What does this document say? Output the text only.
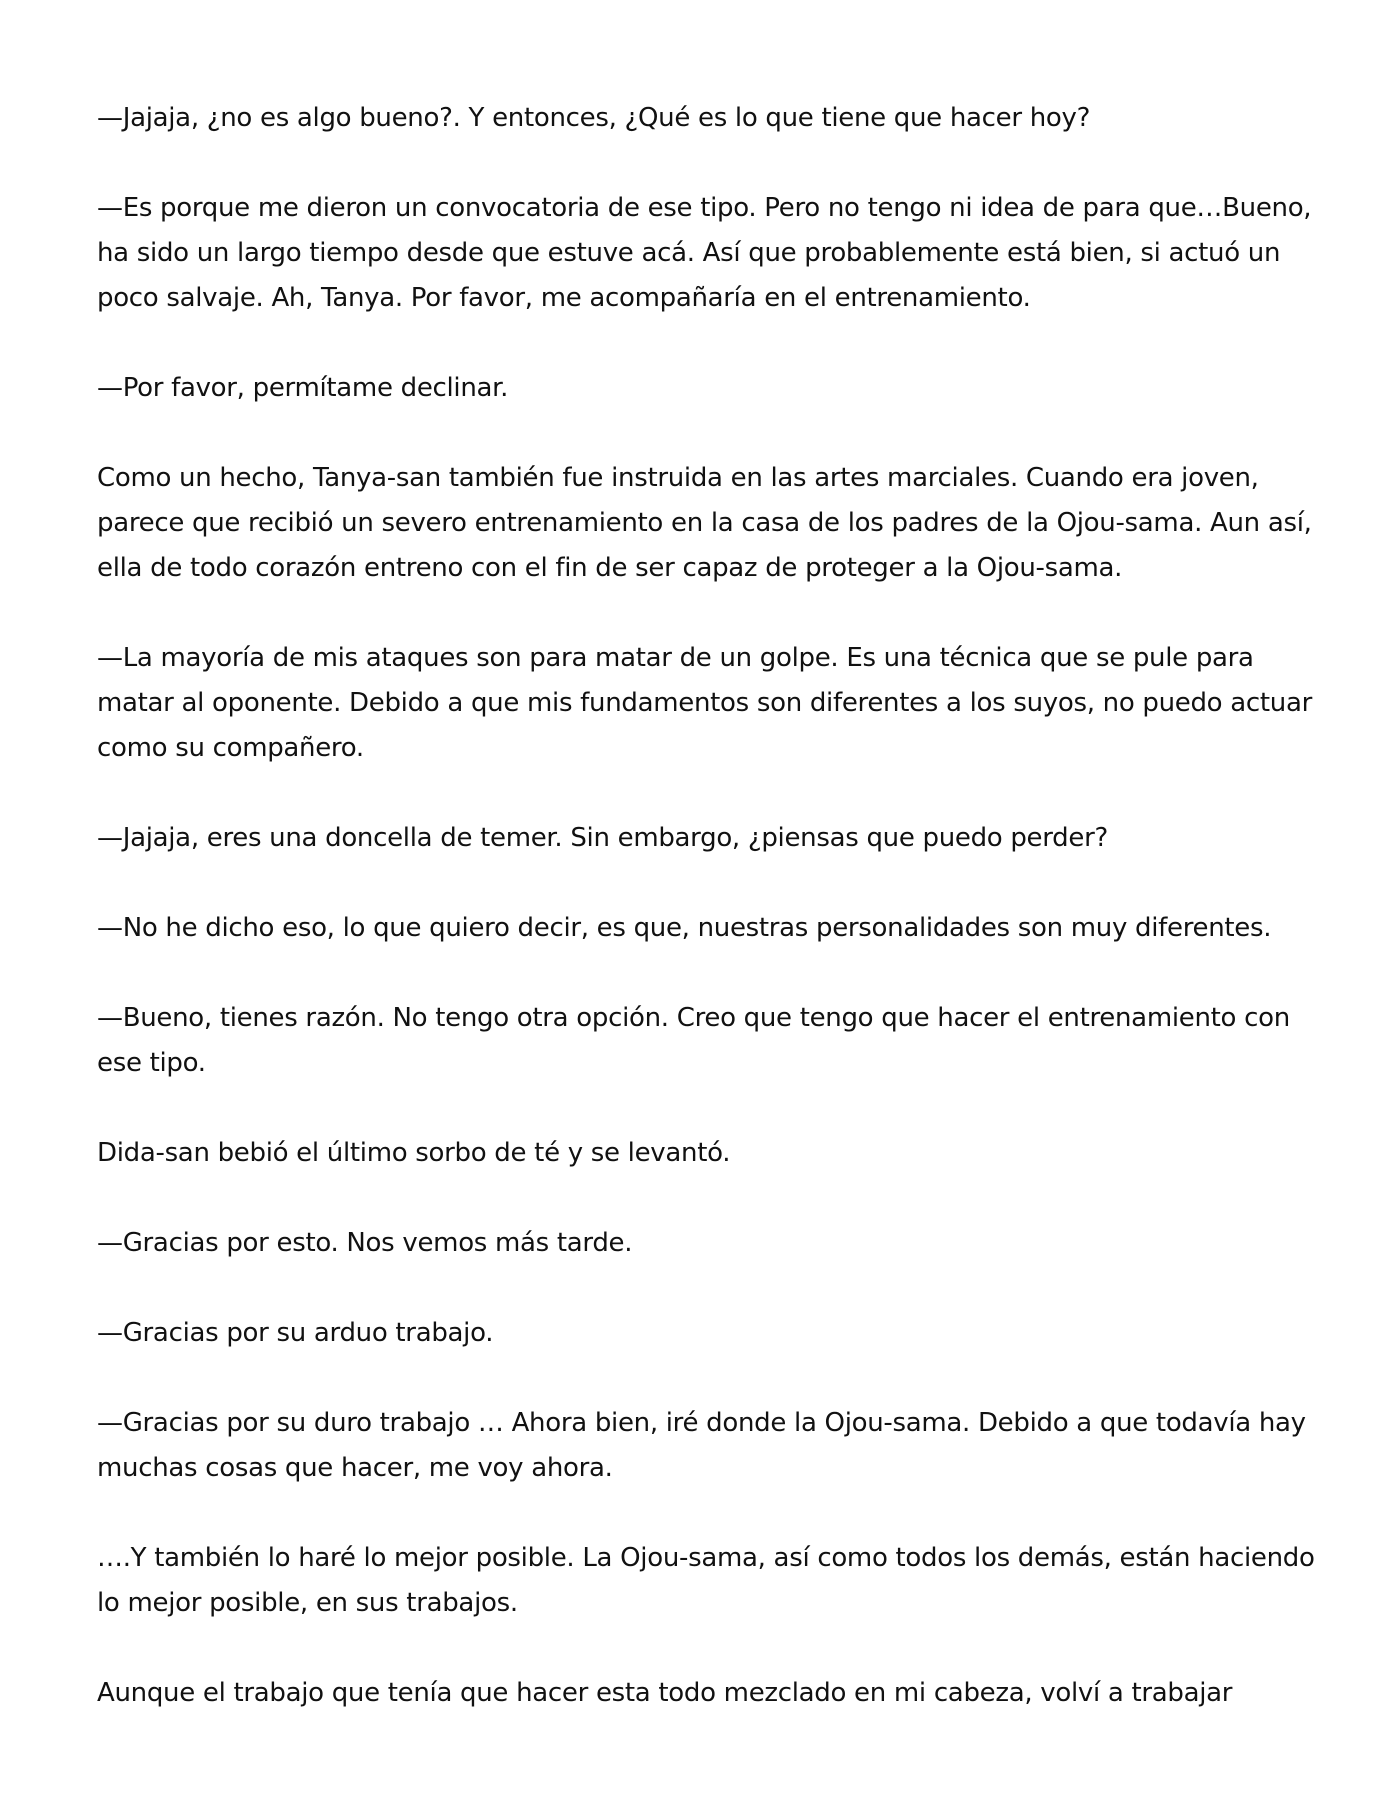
—Jajaja, ¿no es algo bueno?. Y entonces, ¿Qué es lo que tiene que hacer hoy?

—Es porque me dieron un convocatoria de ese tipo. Pero no tengo ni idea de para que…Bueno, ha sido un largo tiempo desde que estuve acá. Así que probablemente está bien, si actuó un poco salvaje. Ah, Tanya. Por favor, me acompañaría en el entrenamiento.

—Por favor, permítame declinar.

Como un hecho, Tanya-san también fue instruida en las artes marciales. Cuando era joven, parece que recibió un severo entrenamiento en la casa de los padres de la Ojou-sama. Aun así, ella de todo corazón entreno con el fin de ser capaz de proteger a la Ojou-sama.

—La mayoría de mis ataques son para matar de un golpe. Es una técnica que se pule para matar al oponente. Debido a que mis fundamentos son diferentes a los suyos, no puedo actuar como su compañero.

—Jajaja, eres una doncella de temer. Sin embargo, ¿piensas que puedo perder?

—No he dicho eso, lo que quiero decir, es que, nuestras personalidades son muy diferentes.

—Bueno, tienes razón. No tengo otra opción. Creo que tengo que hacer el entrenamiento con ese tipo.

Dida-san bebió el último sorbo de té y se levantó.

—Gracias por esto. Nos vemos más tarde.

—Gracias por su arduo trabajo.

—Gracias por su duro trabajo … Ahora bien, iré donde la Ojou-sama. Debido a que todavía hay muchas cosas que hacer, me voy ahora.

….Y también lo haré lo mejor posible. La Ojou-sama, así como todos los demás, están haciendo lo mejor posible, en sus trabajos.

Aunque el trabajo que tenía que hacer esta todo mezclado en mi cabeza, volví a trabajar
